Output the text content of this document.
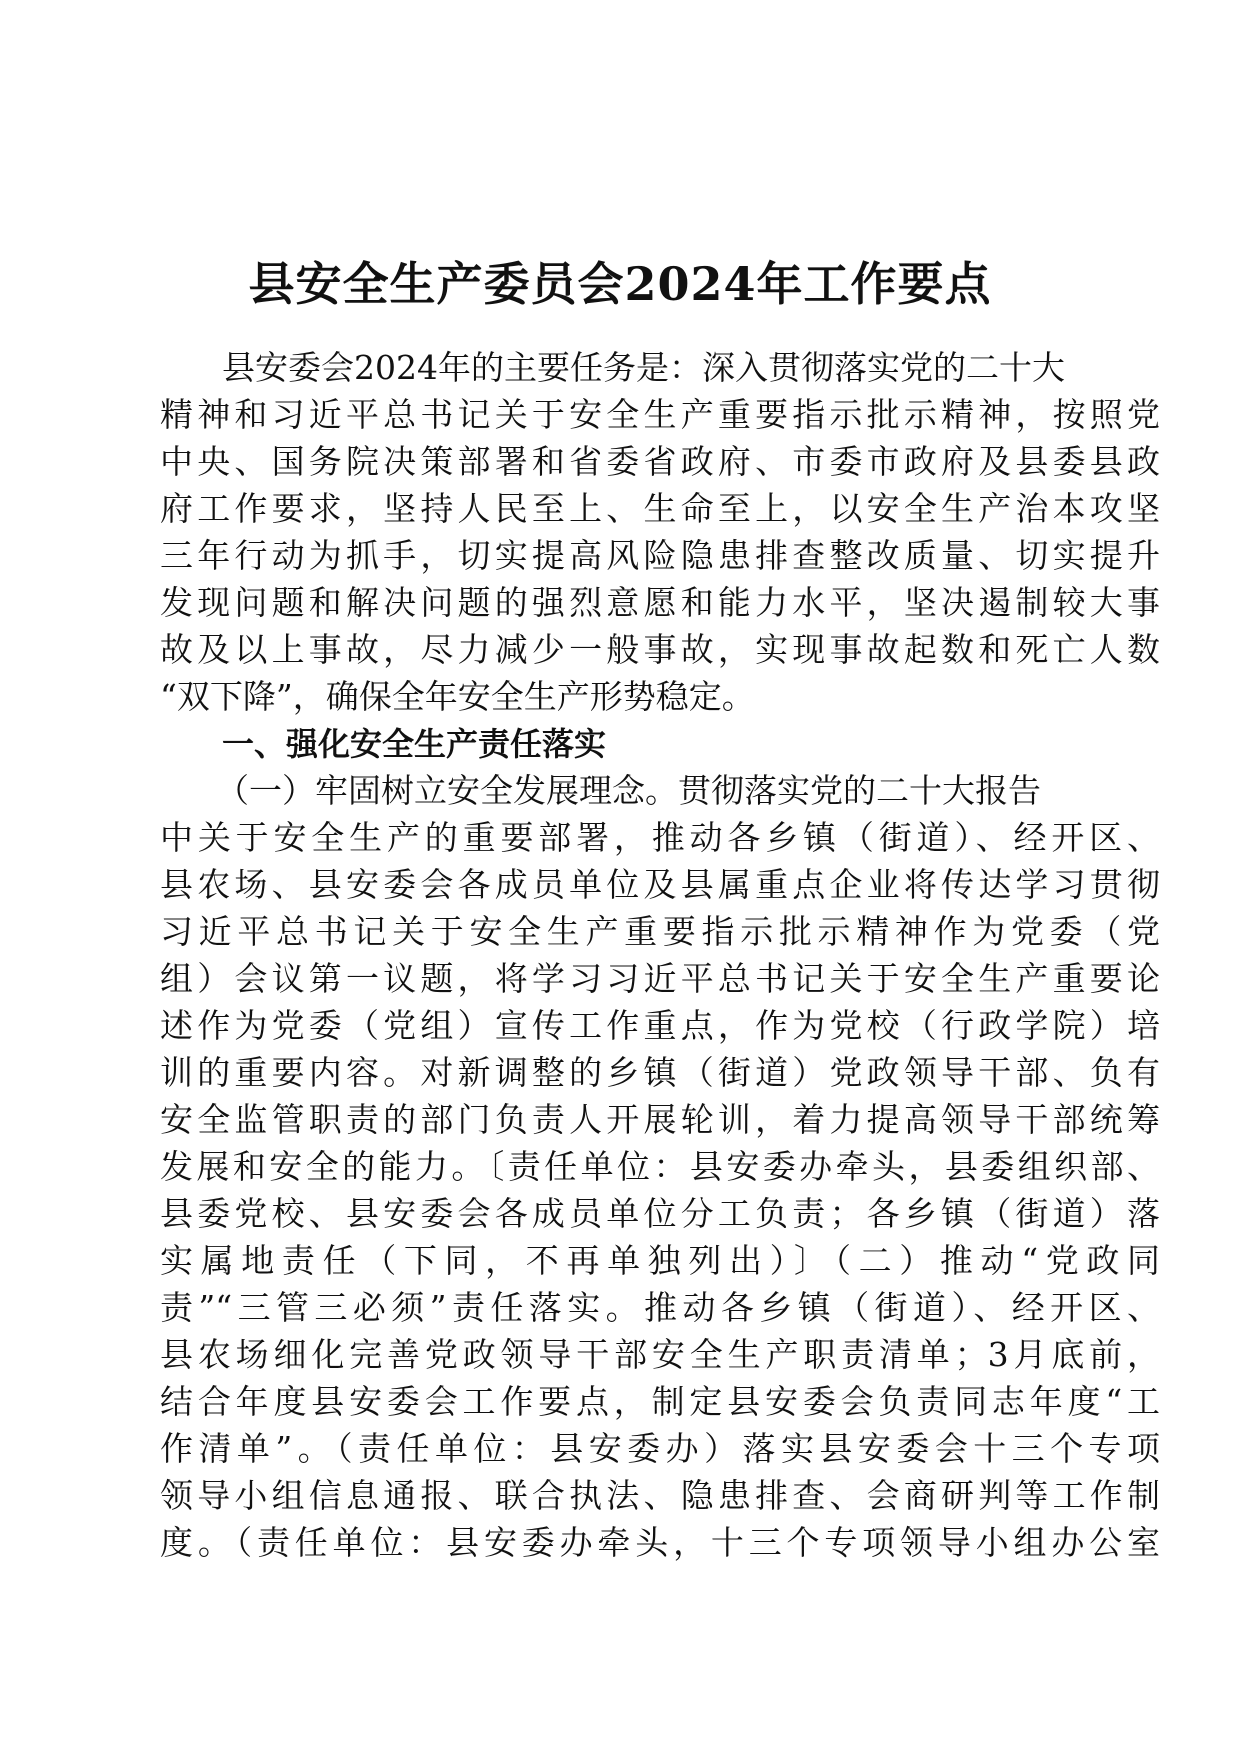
县安全生产委员会2024年工作要点

县安委会2024年的主要任务是：深入贯彻落实党的二十大

精神和习近平总书记关于安全生产重要指示批示精神，按照党

中央、国务院决策部署和省委省政府、市委市政府及县委县政

府工作要求，坚持人民至上、生命至上，以安全生产治本攻坚

三年行动为抓手，切实提高风险隐患排查整改质量、切实提升

发现问题和解决问题的强烈意愿和能力水平，坚决遏制较大事

故及以上事故，尽力减少一般事故，实现事故起数和死亡人数

“双下降”，确保全年安全生产形势稳定。

一、强化安全生产责任落实

（一）牢固树立安全发展理念。贯彻落实党的二十大报告

中关于安全生产的重要部署，推动各乡镇（街道）、经开区、

县农场、县安委会各成员单位及县属重点企业将传达学习贯彻

习近平总书记关于安全生产重要指示批示精神作为党委（党

组）会议第一议题，将学习习近平总书记关于安全生产重要论

述作为党委（党组）宣传工作重点，作为党校（行政学院）培

训的重要内容。对新调整的乡镇（街道）党政领导干部、负有

安全监管职责的部门负责人开展轮训，着力提高领导干部统筹

发展和安全的能力。〔责任单位：县安委办牵头，县委组织部、

县委党校、县安委会各成员单位分工负责；各乡镇（街道）落

实属地责任（下同，不再单独列出）〕（二）推动“党政同

责”“三管三必须”责任落实。推动各乡镇（街道）、经开区、

县农场细化完善党政领导干部安全生产职责清单；3月底前，

结合年度县安委会工作要点，制定县安委会负责同志年度“工

作清单”。（责任单位：县安委办）落实县安委会十三个专项

领导小组信息通报、联合执法、隐患排查、会商研判等工作制

度。（责任单位：县安委办牵头，十三个专项领导小组办公室
